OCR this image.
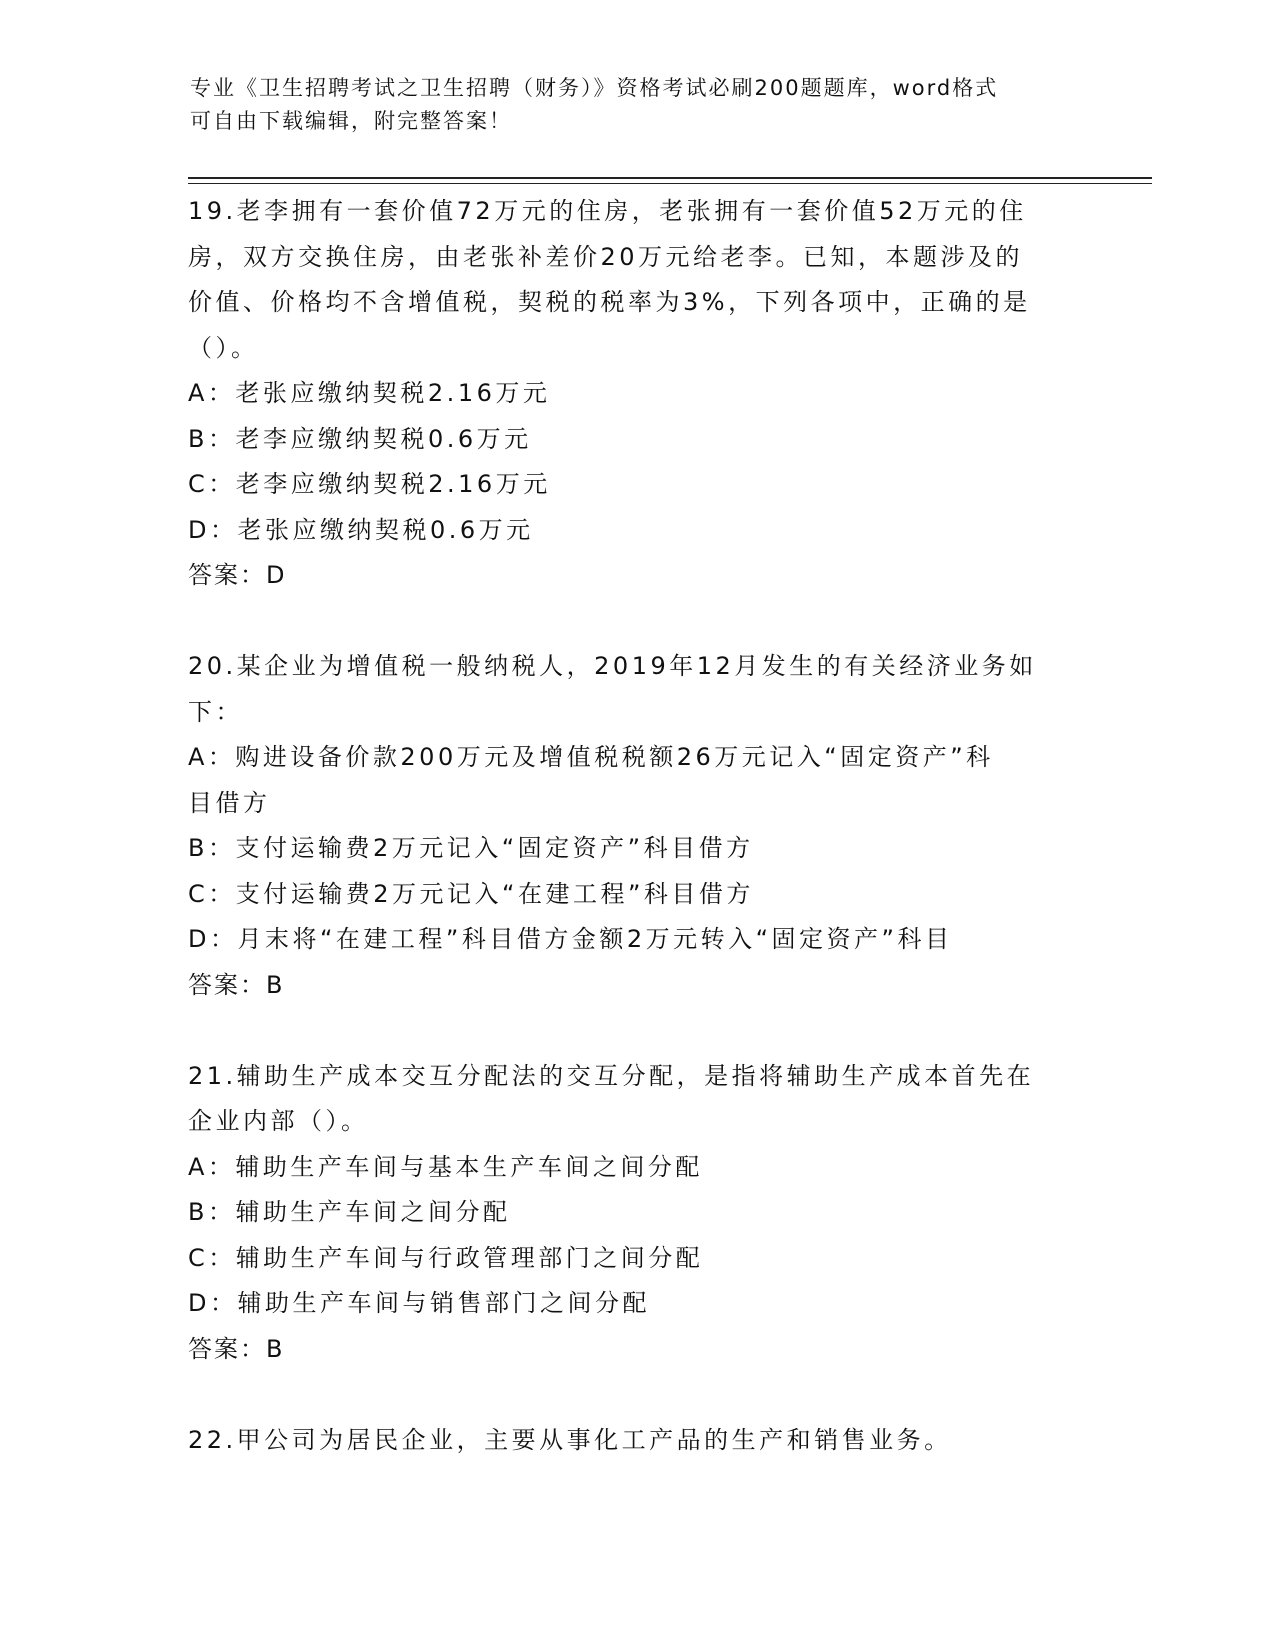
专业《卫生招聘考试之卫生招聘（财务）》资格考试必刷200题题库，word格式
可自由下载编辑，附完整答案！

19.老李拥有一套价值72万元的住房，老张拥有一套价值52万元的住

房，双方交换住房，由老张补差价20万元给老李。已知，本题涉及的

价值、价格均不含增值税，契税的税率为3%，下列各项中，正确的是

（）。

A：老张应缴纳契税2.16万元

B：老李应缴纳契税0.6万元

C：老李应缴纳契税2.16万元

D：老张应缴纳契税0.6万元

答案：D

20.某企业为增值税一般纳税人，2019年12月发生的有关经济业务如

下：

A：购进设备价款200万元及增值税税额26万元记入“固定资产”科

目借方

B：支付运输费2万元记入“固定资产”科目借方

C：支付运输费2万元记入“在建工程”科目借方

D：月末将“在建工程”科目借方金额2万元转入“固定资产”科目

答案：B

21.辅助生产成本交互分配法的交互分配，是指将辅助生产成本首先在

企业内部（）。

A：辅助生产车间与基本生产车间之间分配

B：辅助生产车间之间分配

C：辅助生产车间与行政管理部门之间分配

D：辅助生产车间与销售部门之间分配

答案：B

22.甲公司为居民企业，主要从事化工产品的生产和销售业务。
